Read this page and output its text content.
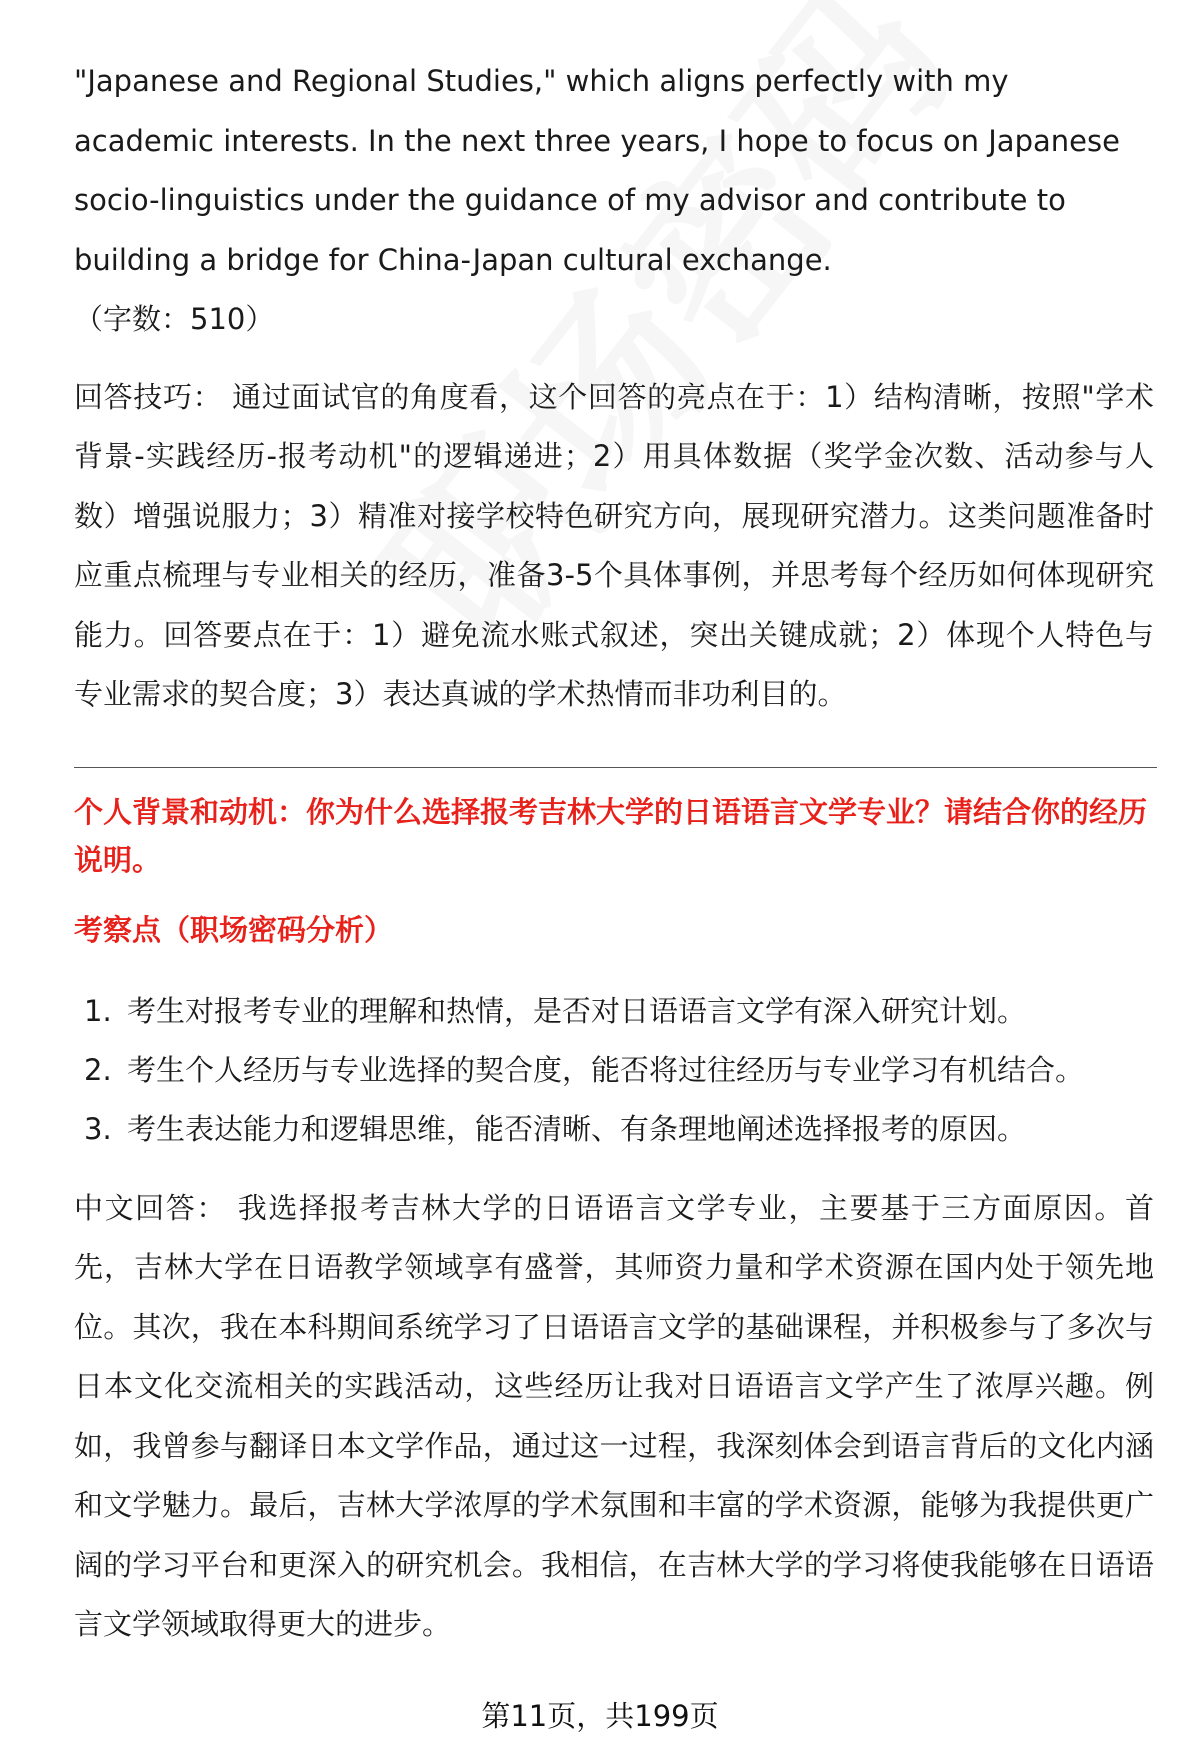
"Japanese and Regional Studies," which aligns perfectly with my academic interests. In the next three years, I hope to focus on Japanese socio-linguistics under the guidance of my advisor and contribute to building a bridge for China-Japan cultural exchange.

（字数：510）

回答技巧： 通过面试官的角度看，这个回答的亮点在于：1）结构清晰，按照"学术背景-实践经历-报考动机"的逻辑递进；2）用具体数据（奖学金次数、活动参与人数）增强说服力；3）精准对接学校特色研究方向，展现研究潜力。这类问题准备时应重点梳理与专业相关的经历，准备3-5个具体事例，并思考每个经历如何体现研究能力。回答要点在于：1）避免流水账式叙述，突出关键成就；2）体现个人特色与专业需求的契合度；3）表达真诚的学术热情而非功利目的。

个人背景和动机：你为什么选择报考吉林大学的日语语言文学专业？请结合你的经历说明。

考察点（职场密码分析）

1. 考生对报考专业的理解和热情，是否对日语语言文学有深入研究计划。
2. 考生个人经历与专业选择的契合度，能否将过往经历与专业学习有机结合。
3. 考生表达能力和逻辑思维，能否清晰、有条理地阐述选择报考的原因。

中文回答： 我选择报考吉林大学的日语语言文学专业，主要基于三方面原因。首先，吉林大学在日语教学领域享有盛誉，其师资力量和学术资源在国内处于领先地位。其次，我在本科期间系统学习了日语语言文学的基础课程，并积极参与了多次与日本文化交流相关的实践活动，这些经历让我对日语语言文学产生了浓厚兴趣。例如，我曾参与翻译日本文学作品，通过这一过程，我深刻体会到语言背后的文化内涵和文学魅力。最后，吉林大学浓厚的学术氛围和丰富的学术资源，能够为我提供更广阔的学习平台和更深入的研究机会。我相信，在吉林大学的学习将使我能够在日语语言文学领域取得更大的进步。

第11页，共199页
